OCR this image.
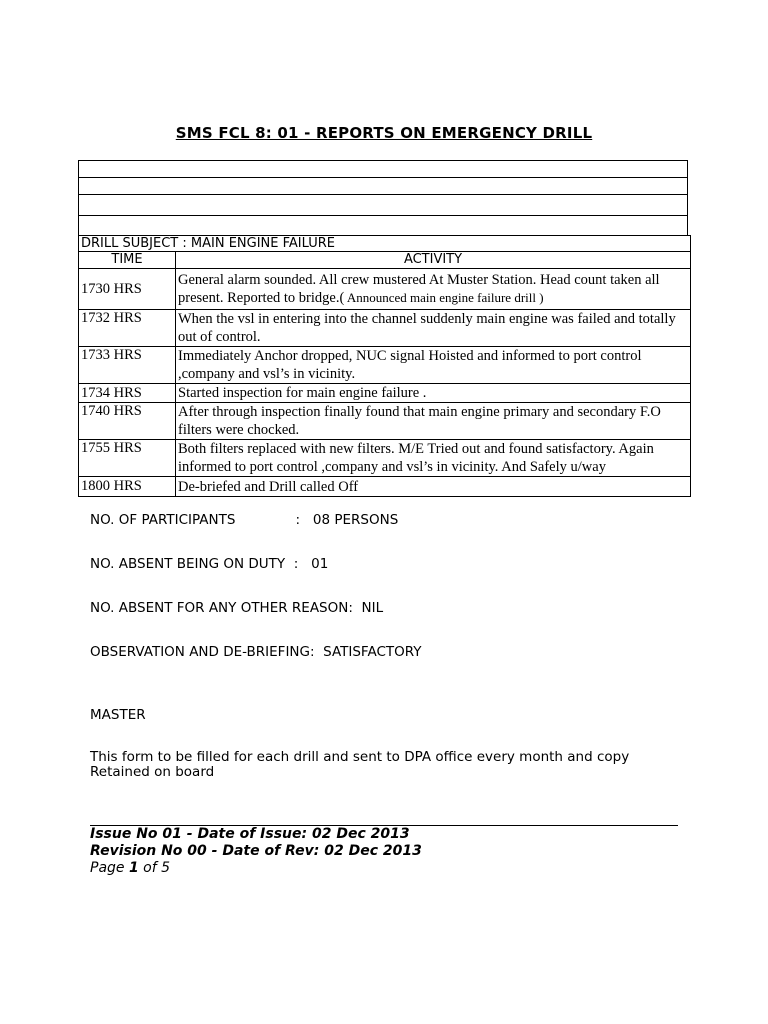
SMS FCL 8: 01 - REPORTS ON EMERGENCY DRILL
DRILL SUBJECT : MAIN ENGINE FAILURE	
TIME	ACTIVITY
1730 HRS	General alarm sounded. All crew mustered At Muster Station. Head count taken all present. Reported to bridge.( Announced main engine failure drill )
1732 HRS	When the vsl in entering into the channel suddenly main engine was failed and totally out of control.
1733 HRS	Immediately Anchor dropped, NUC signal Hoisted and informed to port control ,company and vsl’s in vicinity.
1734 HRS	Started inspection for main engine failure .
1740 HRS	After through inspection finally found that main engine primary and secondary F.O filters were chocked.
1755 HRS	Both filters replaced with new filters. M/E Tried out and found satisfactory. Again informed to port control ,company and vsl’s in vicinity. And Safely u/way
1800 HRS	De-briefed and Drill called Off
NO. OF PARTICIPANTS              :   08 PERSONS
NO. ABSENT BEING ON DUTY  :   01
NO. ABSENT FOR ANY OTHER REASON:  NIL
OBSERVATION AND DE-BRIEFING:  SATISFACTORY
MASTER
This form to be filled for each drill and sent to DPA office every month and copy Retained on board
Issue No 01 - Date of Issue: 02 Dec 2013
Revision No 00 - Date of Rev: 02 Dec 2013
Page 1 of 5
